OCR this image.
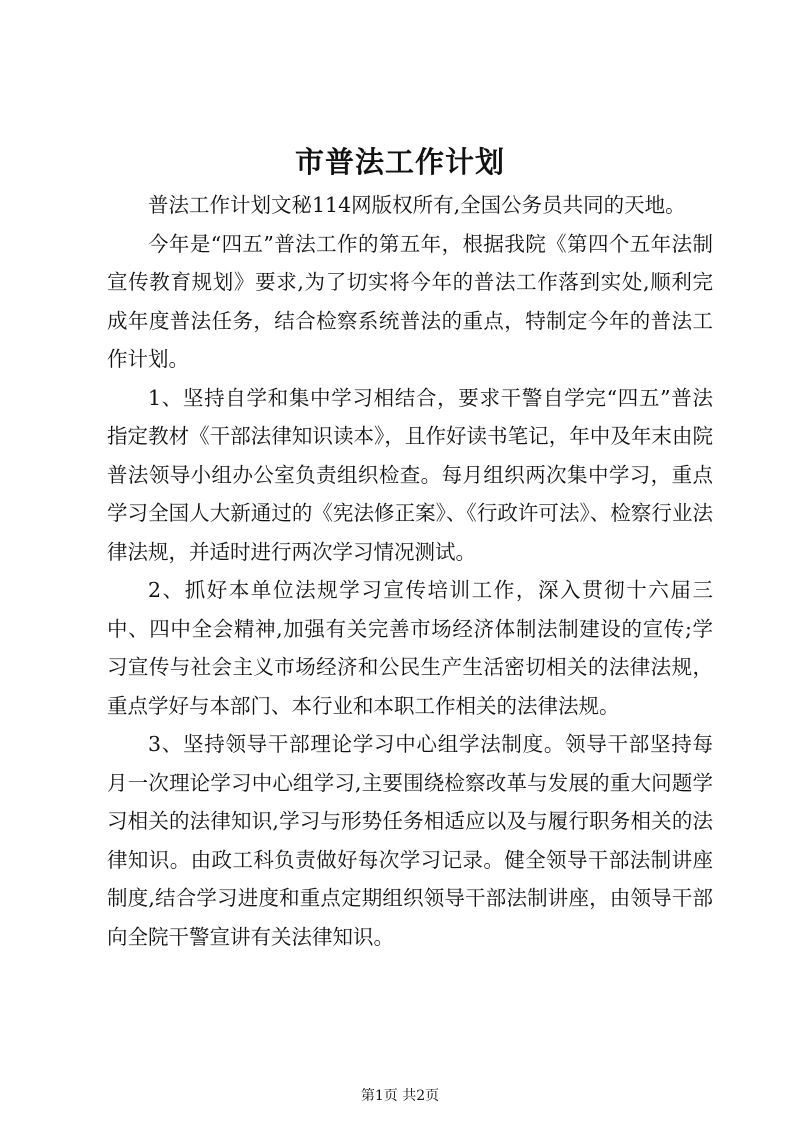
市普法工作计划

普法工作计划文秘114网版权所有,全国公务员共同的天地。

今年是“四五”普法工作的第五年，根据我院《第四个五年法制宣传教育规划》要求,为了切实将今年的普法工作落到实处,顺利完成年度普法任务，结合检察系统普法的重点，特制定今年的普法工作计划。

1、坚持自学和集中学习相结合，要求干警自学完“四五”普法指定教材《干部法律知识读本》，且作好读书笔记，年中及年末由院普法领导小组办公室负责组织检查。每月组织两次集中学习，重点学习全国人大新通过的《宪法修正案》、《行政许可法》、检察行业法律法规，并适时进行两次学习情况测试。

2、抓好本单位法规学习宣传培训工作，深入贯彻十六届三中、四中全会精神,加强有关完善市场经济体制法制建设的宣传;学习宣传与社会主义市场经济和公民生产生活密切相关的法律法规，重点学好与本部门、本行业和本职工作相关的法律法规。

3、坚持领导干部理论学习中心组学法制度。领导干部坚持每月一次理论学习中心组学习,主要围绕检察改革与发展的重大问题学习相关的法律知识,学习与形势任务相适应以及与履行职务相关的法律知识。由政工科负责做好每次学习记录。健全领导干部法制讲座制度,结合学习进度和重点定期组织领导干部法制讲座，由领导干部向全院干警宣讲有关法律知识。

第1页 共2页
